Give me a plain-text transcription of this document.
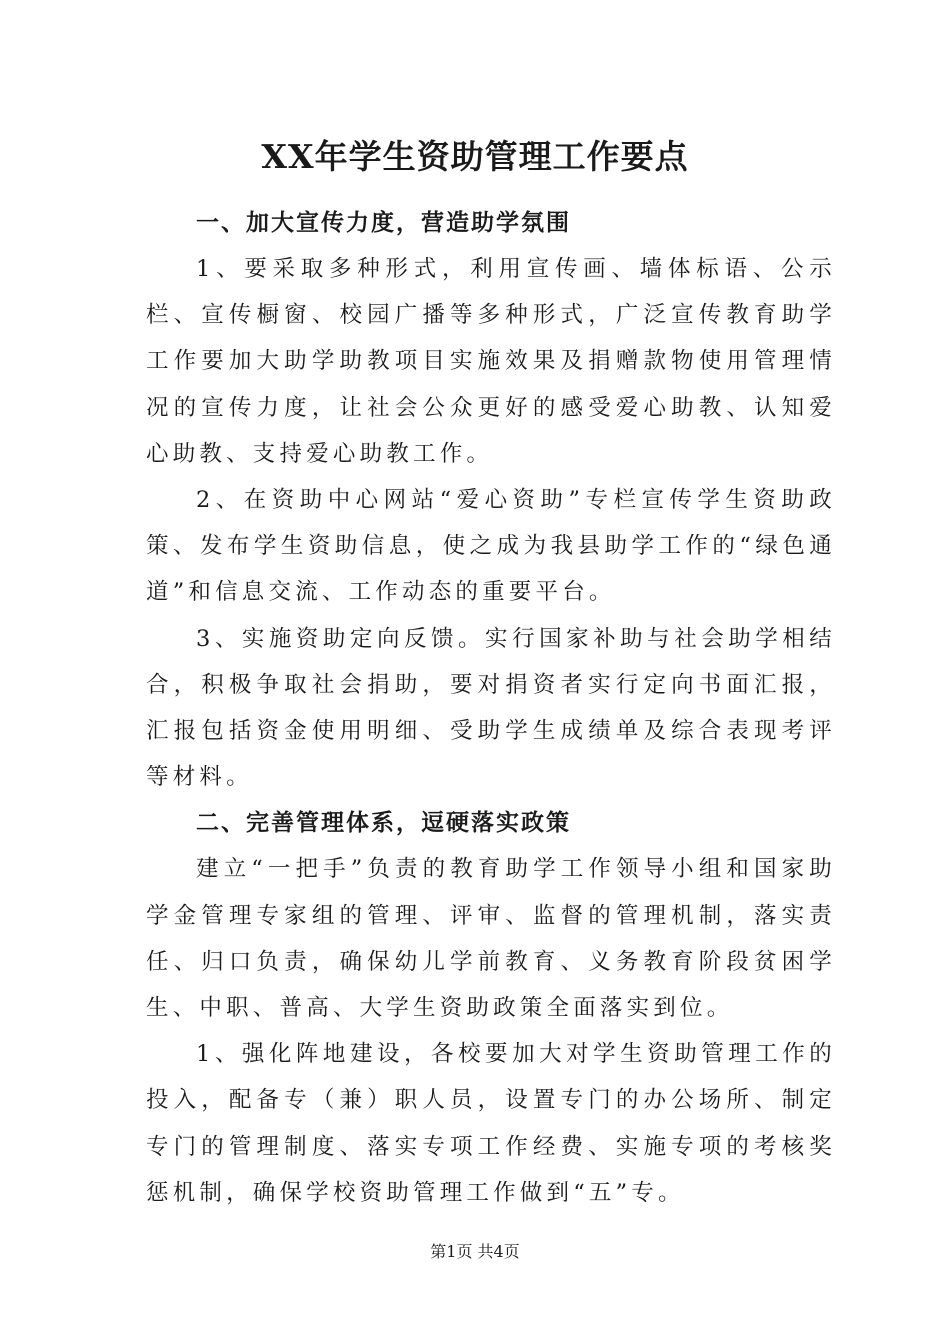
XX年学生资助管理工作要点
一、加大宣传力度，营造助学氛围

1、要采取多种形式，利用宣传画、墙体标语、公示栏、宣传橱窗、校园广播等多种形式，广泛宣传教育助学工作要加大助学助教项目实施效果及捐赠款物使用管理情况的宣传力度，让社会公众更好的感受爱心助教、认知爱心助教、支持爱心助教工作。

2、在资助中心网站“爱心资助”专栏宣传学生资助政策、发布学生资助信息，使之成为我县助学工作的“绿色通道”和信息交流、工作动态的重要平台。

3、实施资助定向反馈。实行国家补助与社会助学相结合，积极争取社会捐助，要对捐资者实行定向书面汇报，汇报包括资金使用明细、受助学生成绩单及综合表现考评等材料。

二、完善管理体系，逗硬落实政策

建立“一把手”负责的教育助学工作领导小组和国家助学金管理专家组的管理、评审、监督的管理机制，落实责任、归口负责，确保幼儿学前教育、义务教育阶段贫困学生、中职、普高、大学生资助政策全面落实到位。

1、强化阵地建设，各校要加大对学生资助管理工作的投入，配备专（兼）职人员，设置专门的办公场所、制定专门的管理制度、落实专项工作经费、实施专项的考核奖惩机制，确保学校资助管理工作做到“五”专。

第1页 共4页
